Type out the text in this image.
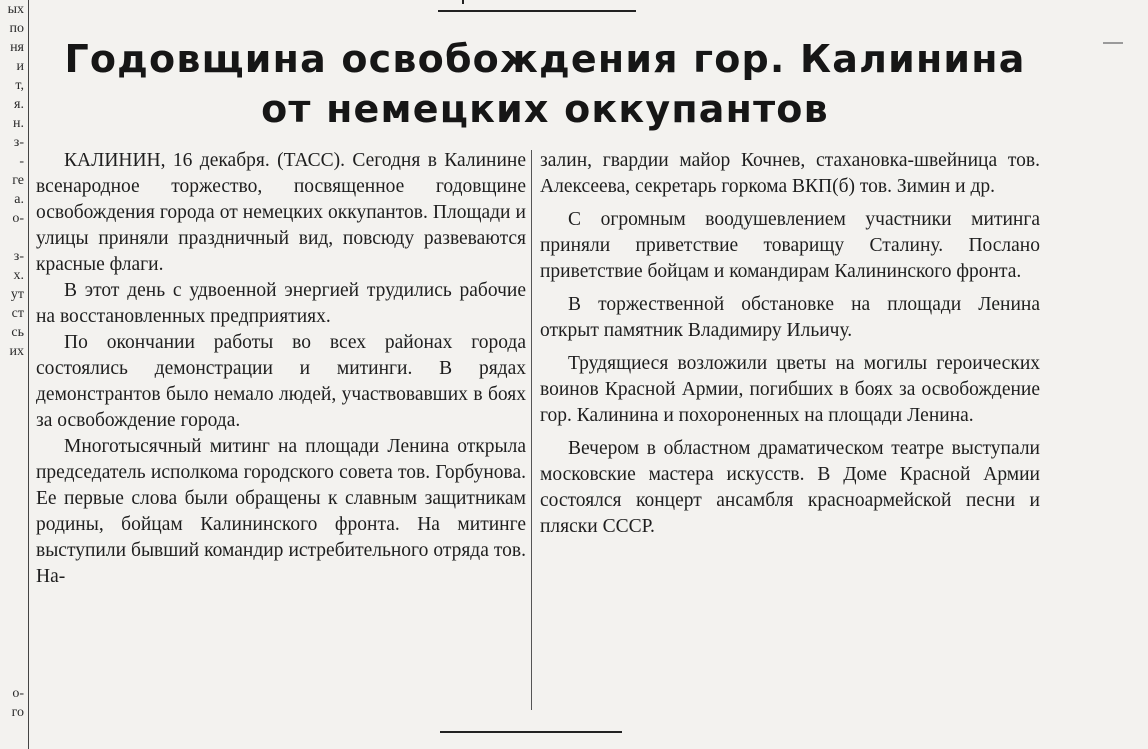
ых
по
ня
и
т,
я.
н.
з-
-
ге
а.
о-
з-
х.
ут
ст
сь
их
о-
го
Годовщина освобождения гор. Калинина
от немецких оккупантов

КАЛИНИН, 16 декабря. (ТАСС). Сегодня в Калинине всенародное торжество, посвященное годовщине освобождения города от немецких оккупантов. Площади и улицы приняли праздничный вид, повсюду развеваются красные флаги.

В этот день с удвоенной энергией трудились рабочие на восстановленных предприятиях.

По окончании работы во всех районах города состоялись демонстрации и митинги. В рядах демонстрантов было немало людей, участвовавших в боях за освобождение города.

Многотысячный митинг на площади Ленина открыла председатель исполкома городского совета тов. Горбунова. Ее первые слова были обращены к славным защитникам родины, бойцам Калининского фронта. На митинге выступили бывший командир истребительного отряда тов. На-

залин, гвардии майор Кочнев, стахановка-швейница тов. Алексеева, секретарь горкома ВКП(б) тов. Зимин и др.

С огромным воодушевлением участники митинга приняли приветствие товарищу Сталину. Послано приветствие бойцам и командирам Калининского фронта.

В торжественной обстановке на площади Ленина открыт памятник Владимиру Ильичу.

Трудящиеся возложили цветы на могилы героических воинов Красной Армии, погибших в боях за освобождение гор. Калинина и похороненных на площади Ленина.

Вечером в областном драматическом театре выступали московские мастера искусств. В Доме Красной Армии состоялся концерт ансамбля красноармейской песни и пляски СССР.
